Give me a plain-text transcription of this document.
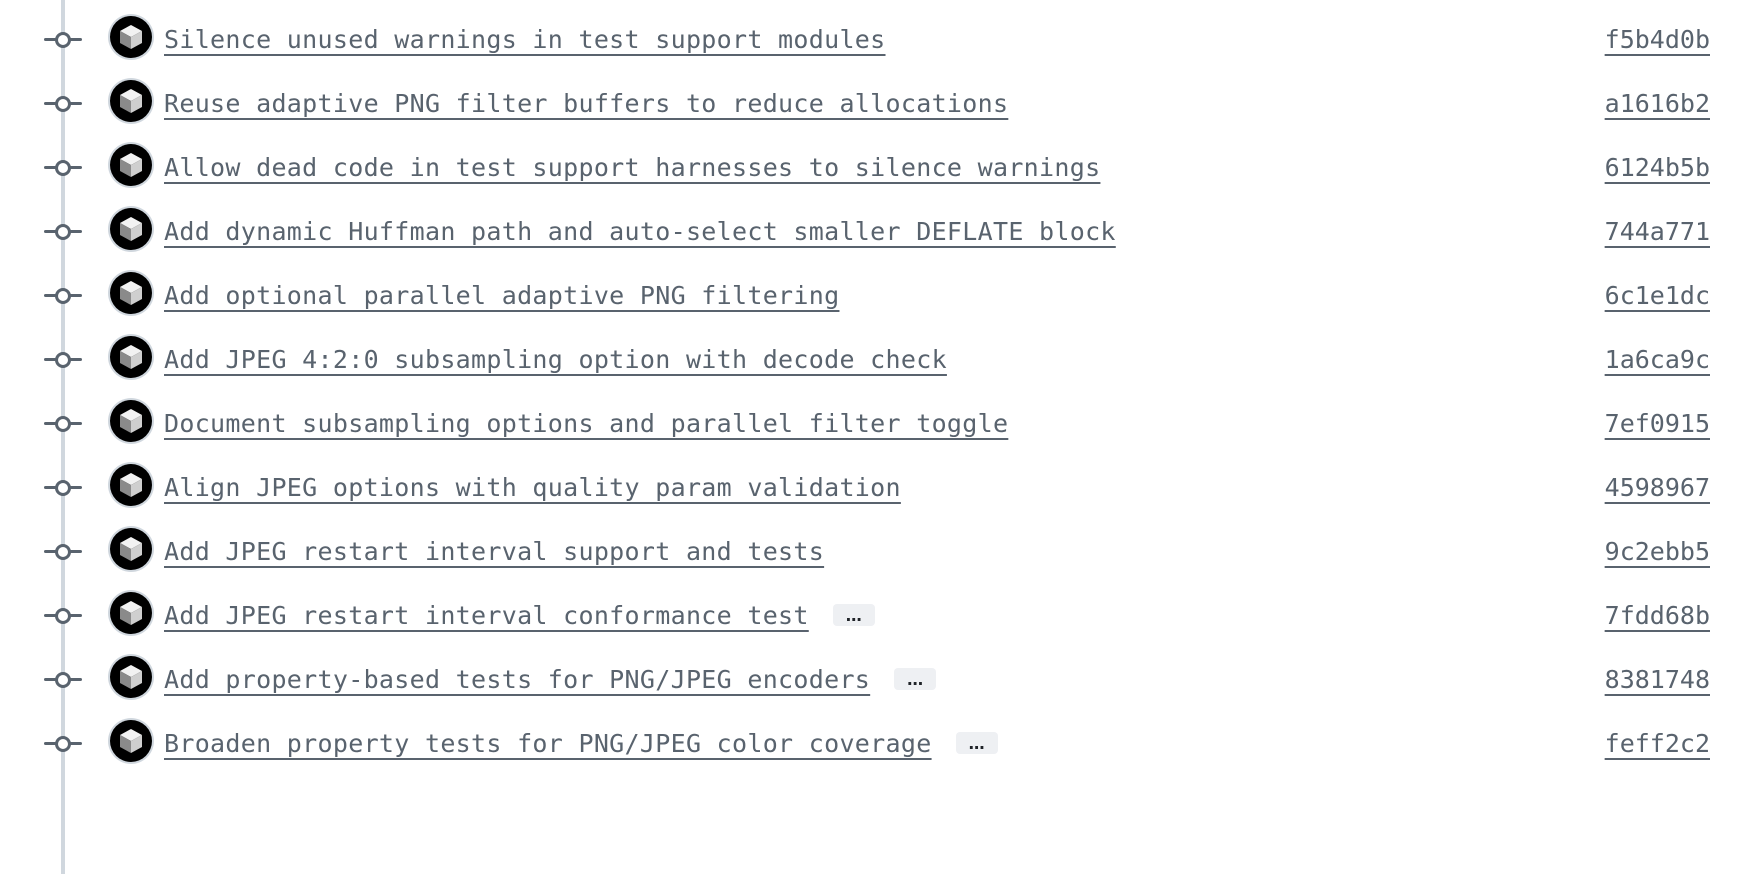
Silence unused warnings in test support modules	f5b4d0b
Reuse adaptive PNG filter buffers to reduce allocations	a1616b2
Allow dead code in test support harnesses to silence warnings	6124b5b
Add dynamic Huffman path and auto-select smaller DEFLATE block	744a771
Add optional parallel adaptive PNG filtering	6c1e1dc
Add JPEG 4:2:0 subsampling option with decode check	1a6ca9c
Document subsampling options and parallel filter toggle	7ef0915
Align JPEG options with quality param validation	4598967
Add JPEG restart interval support and tests	9c2ebb5
Add JPEG restart interval conformance test	…	7fdd68b
Add property-based tests for PNG/JPEG encoders	…	8381748
Broaden property tests for PNG/JPEG color coverage	…	feff2c2
